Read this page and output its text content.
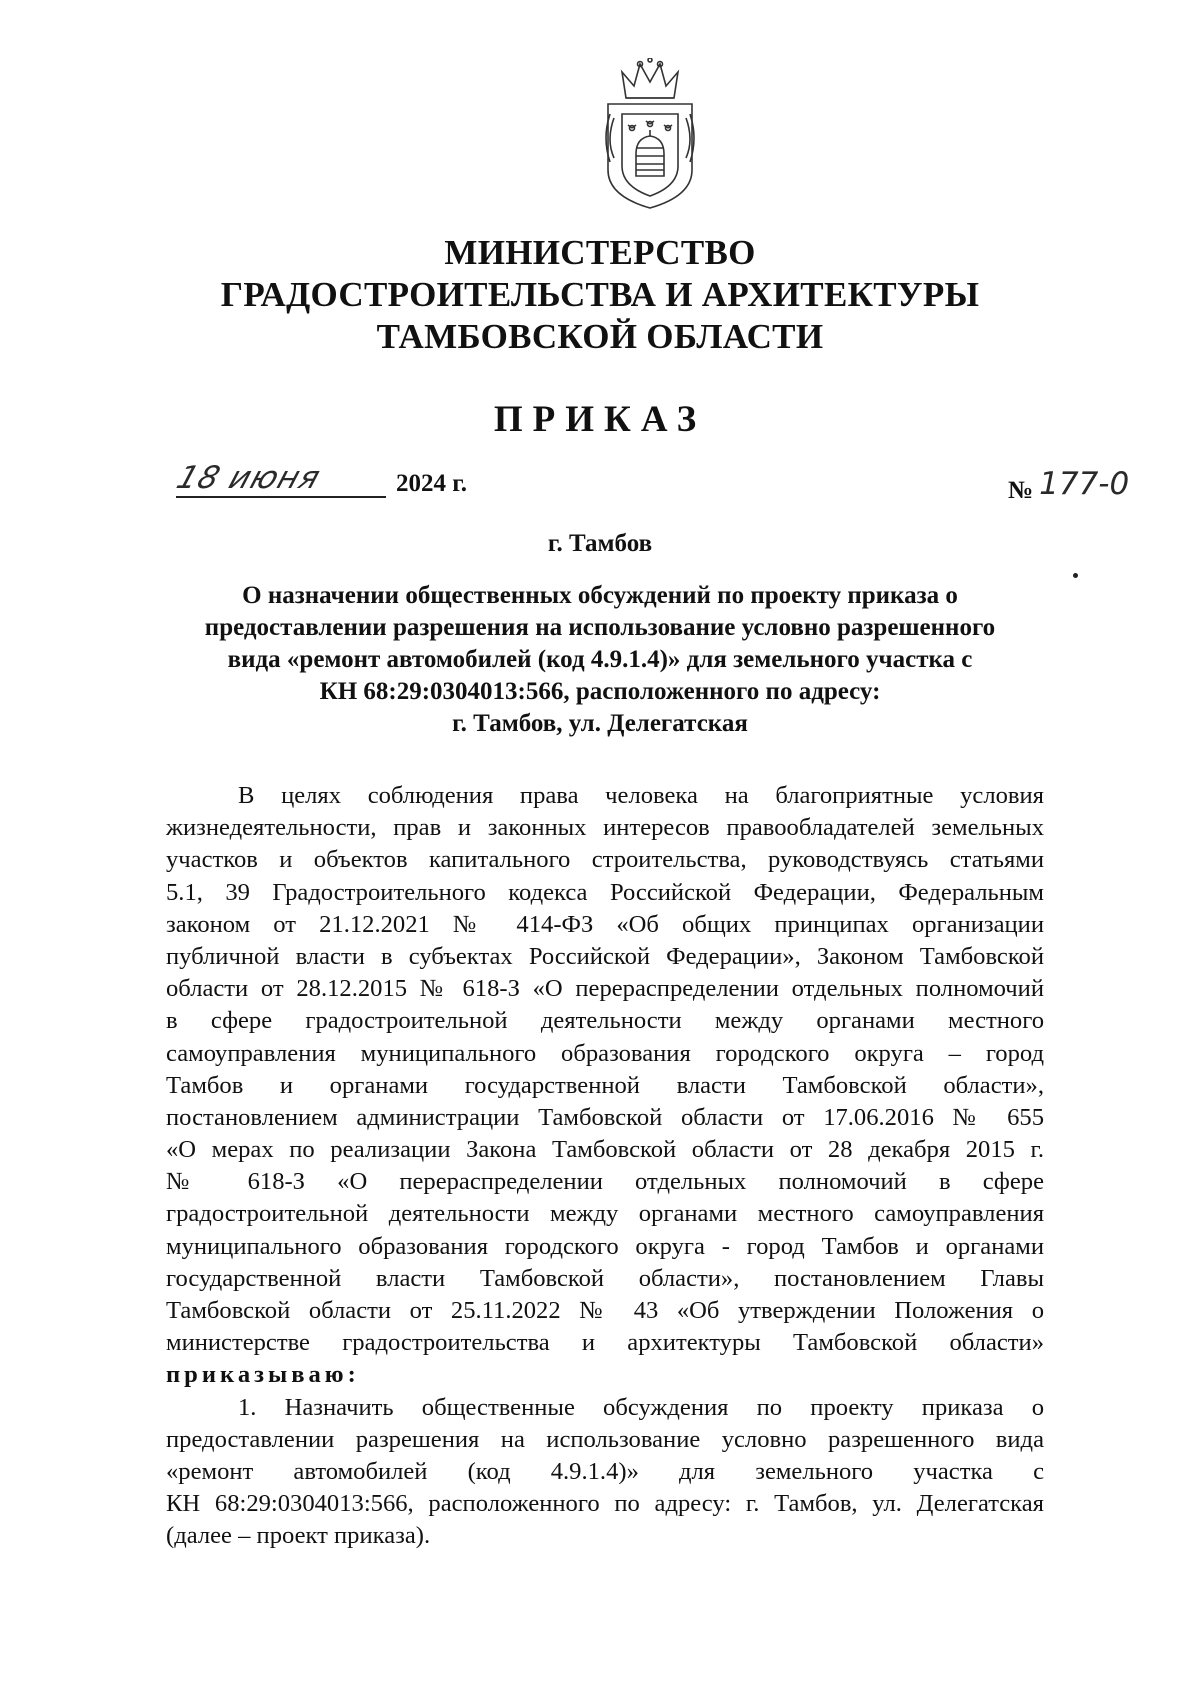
МИНИСТЕРСТВО
ГРАДОСТРОИТЕЛЬСТВА И АРХИТЕКТУРЫ
ТАМБОВСКОЙ ОБЛАСТИ
ПРИКАЗ
18 июня	2024 г.	№ 177-0
г. Тамбов
О назначении общественных обсуждений по проекту приказа о
предоставлении разрешения на использование условно разрешенного
вида «ремонт автомобилей (код 4.9.1.4)» для земельного участка с
КН 68:29:0304013:566, расположенного по адресу:
г. Тамбов, ул. Делегатская
В целях соблюдения права человека на благоприятные условия
жизнедеятельности, прав и законных интересов правообладателей земельных
участков и объектов капитального строительства, руководствуясь статьями
5.1, 39 Градостроительного кодекса Российской Федерации, Федеральным
законом от 21.12.2021 № 414-ФЗ «Об общих принципах организации
публичной власти в субъектах Российской Федерации», Законом Тамбовской
области от 28.12.2015 № 618-З «О перераспределении отдельных полномочий
в сфере градостроительной деятельности между органами местного
самоуправления муниципального образования городского округа – город
Тамбов и органами государственной власти Тамбовской области»,
постановлением администрации Тамбовской области от 17.06.2016 № 655
«О мерах по реализации Закона Тамбовской области от 28 декабря 2015 г.
№ 618-З «О перераспределении отдельных полномочий в сфере
градостроительной деятельности между органами местного самоуправления
муниципального образования городского округа - город Тамбов и органами
государственной власти Тамбовской области», постановлением Главы
Тамбовской области от 25.11.2022 № 43 «Об утверждении Положения о
министерстве градостроительства и архитектуры Тамбовской области»
приказываю:
1. Назначить общественные обсуждения по проекту приказа о
предоставлении разрешения на использование условно разрешенного вида
«ремонт автомобилей (код 4.9.1.4)» для земельного участка с
КН 68:29:0304013:566, расположенного по адресу: г. Тамбов, ул. Делегатская
(далее – проект приказа).
